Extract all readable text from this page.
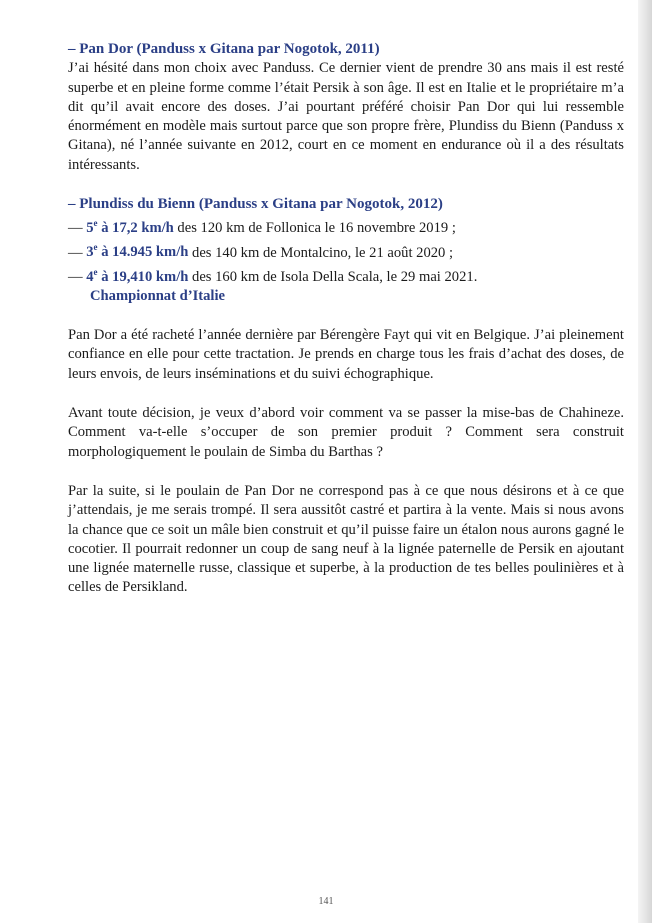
– Pan Dor (Panduss x Gitana par Nogotok, 2011)

J’ai hésité dans mon choix avec Panduss. Ce dernier vient de prendre 30 ans mais il est resté superbe et en pleine forme comme l’était Persik à son âge. Il est en Italie et le propriétaire m’a dit qu’il avait encore des doses. J’ai pourtant préféré choisir Pan Dor qui lui ressemble énormément en modèle mais surtout parce que son propre frère, Plundiss du Bienn (Panduss x Gitana), né l’année suivante en 2012, court en ce moment en endurance où il a des résultats intéressants.

– Plundiss du Bienn (Panduss x Gitana par Nogotok, 2012)

— 5e à 17,2 km/h des 120 km de Follonica le 16 novembre 2019 ;

— 3e à 14.945 km/h des 140 km de Montalcino, le 21 août 2020 ;

— 4e à 19,410 km/h des 160 km de Isola Della Scala, le 29 mai 2021.

Championnat d’Italie

Pan Dor a été racheté l’année dernière par Bérengère Fayt qui vit en Belgique. J’ai pleinement confiance en elle pour cette tractation. Je prends en charge tous les frais d’achat des doses, de leurs envois, de leurs inséminations et du suivi échographique.

Avant toute décision, je veux d’abord voir comment va se passer la mise-bas de Chahineze. Comment va-t-elle s’occuper de son premier produit ? Comment sera construit morphologiquement le poulain de Simba du Barthas ?

Par la suite, si le poulain de Pan Dor ne correspond pas à ce que nous désirons et à ce que j’attendais, je me serais trompé. Il sera aussitôt castré et partira à la vente. Mais si nous avons la chance que ce soit un mâle bien construit et qu’il puisse faire un étalon nous aurons gagné le cocotier. Il pourrait redonner un coup de sang neuf à la lignée paternelle de Persik en ajoutant une lignée maternelle russe, classique et superbe, à la production de tes belles poulinières et à celles de Persikland.

141
